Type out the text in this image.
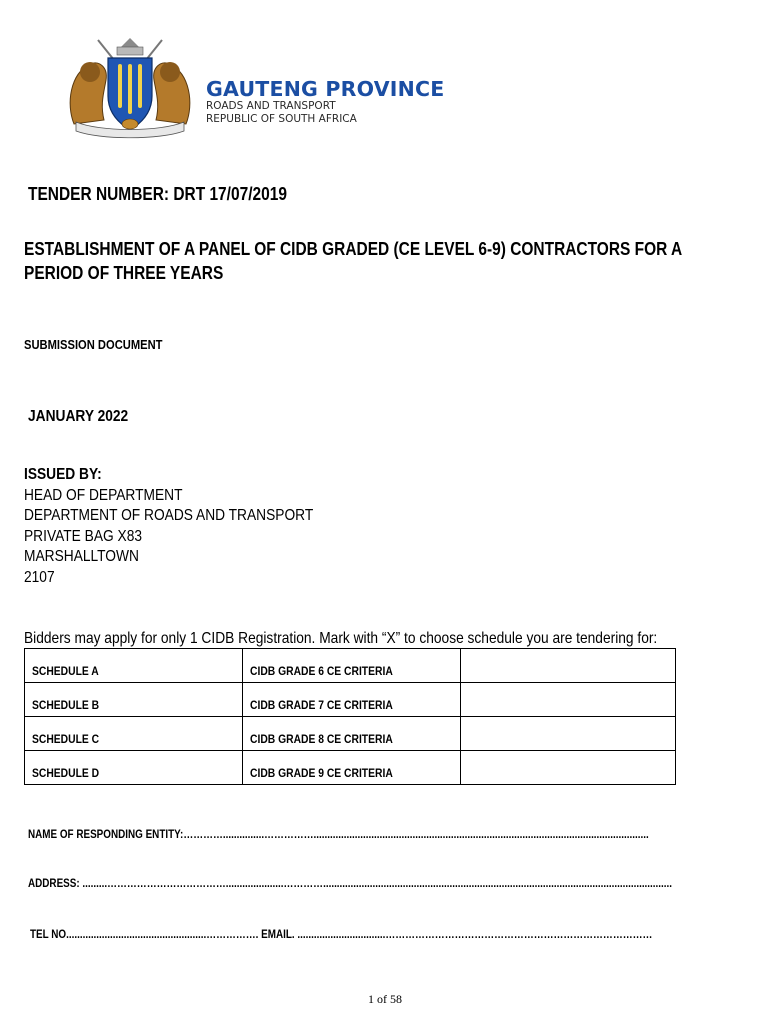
GAUTENG PROVINCE
ROADS AND TRANSPORT
REPUBLIC OF SOUTH AFRICA
TENDER NUMBER: DRT 17/07/2019
ESTABLISHMENT OF A PANEL OF CIDB GRADED (CE LEVEL 6-9) CONTRACTORS FOR A
PERIOD OF THREE YEARS
SUBMISSION DOCUMENT
JANUARY 2022
ISSUED BY:
HEAD OF DEPARTMENT
DEPARTMENT OF ROADS AND TRANSPORT
PRIVATE BAG X83
MARSHALLTOWN
2107
Bidders may apply for only 1 CIDB Registration. Mark with “X” to choose schedule you are tendering for:
SCHEDULE A	CIDB GRADE 6 CE CRITERIA	
SCHEDULE B	CIDB GRADE 7 CE CRITERIA	
SCHEDULE C	CIDB GRADE 8 CE CRITERIA	
SCHEDULE D	CIDB GRADE 9 CE CRITERIA	
NAME OF RESPONDING ENTITY:…………...............……………..........................................................................................................................
ADDRESS: .........……………………………….....................…………...............................................................................................................................
TEL NO...................................................……………. EMAIL. ................................………………………………………………………………………
1 of 58
